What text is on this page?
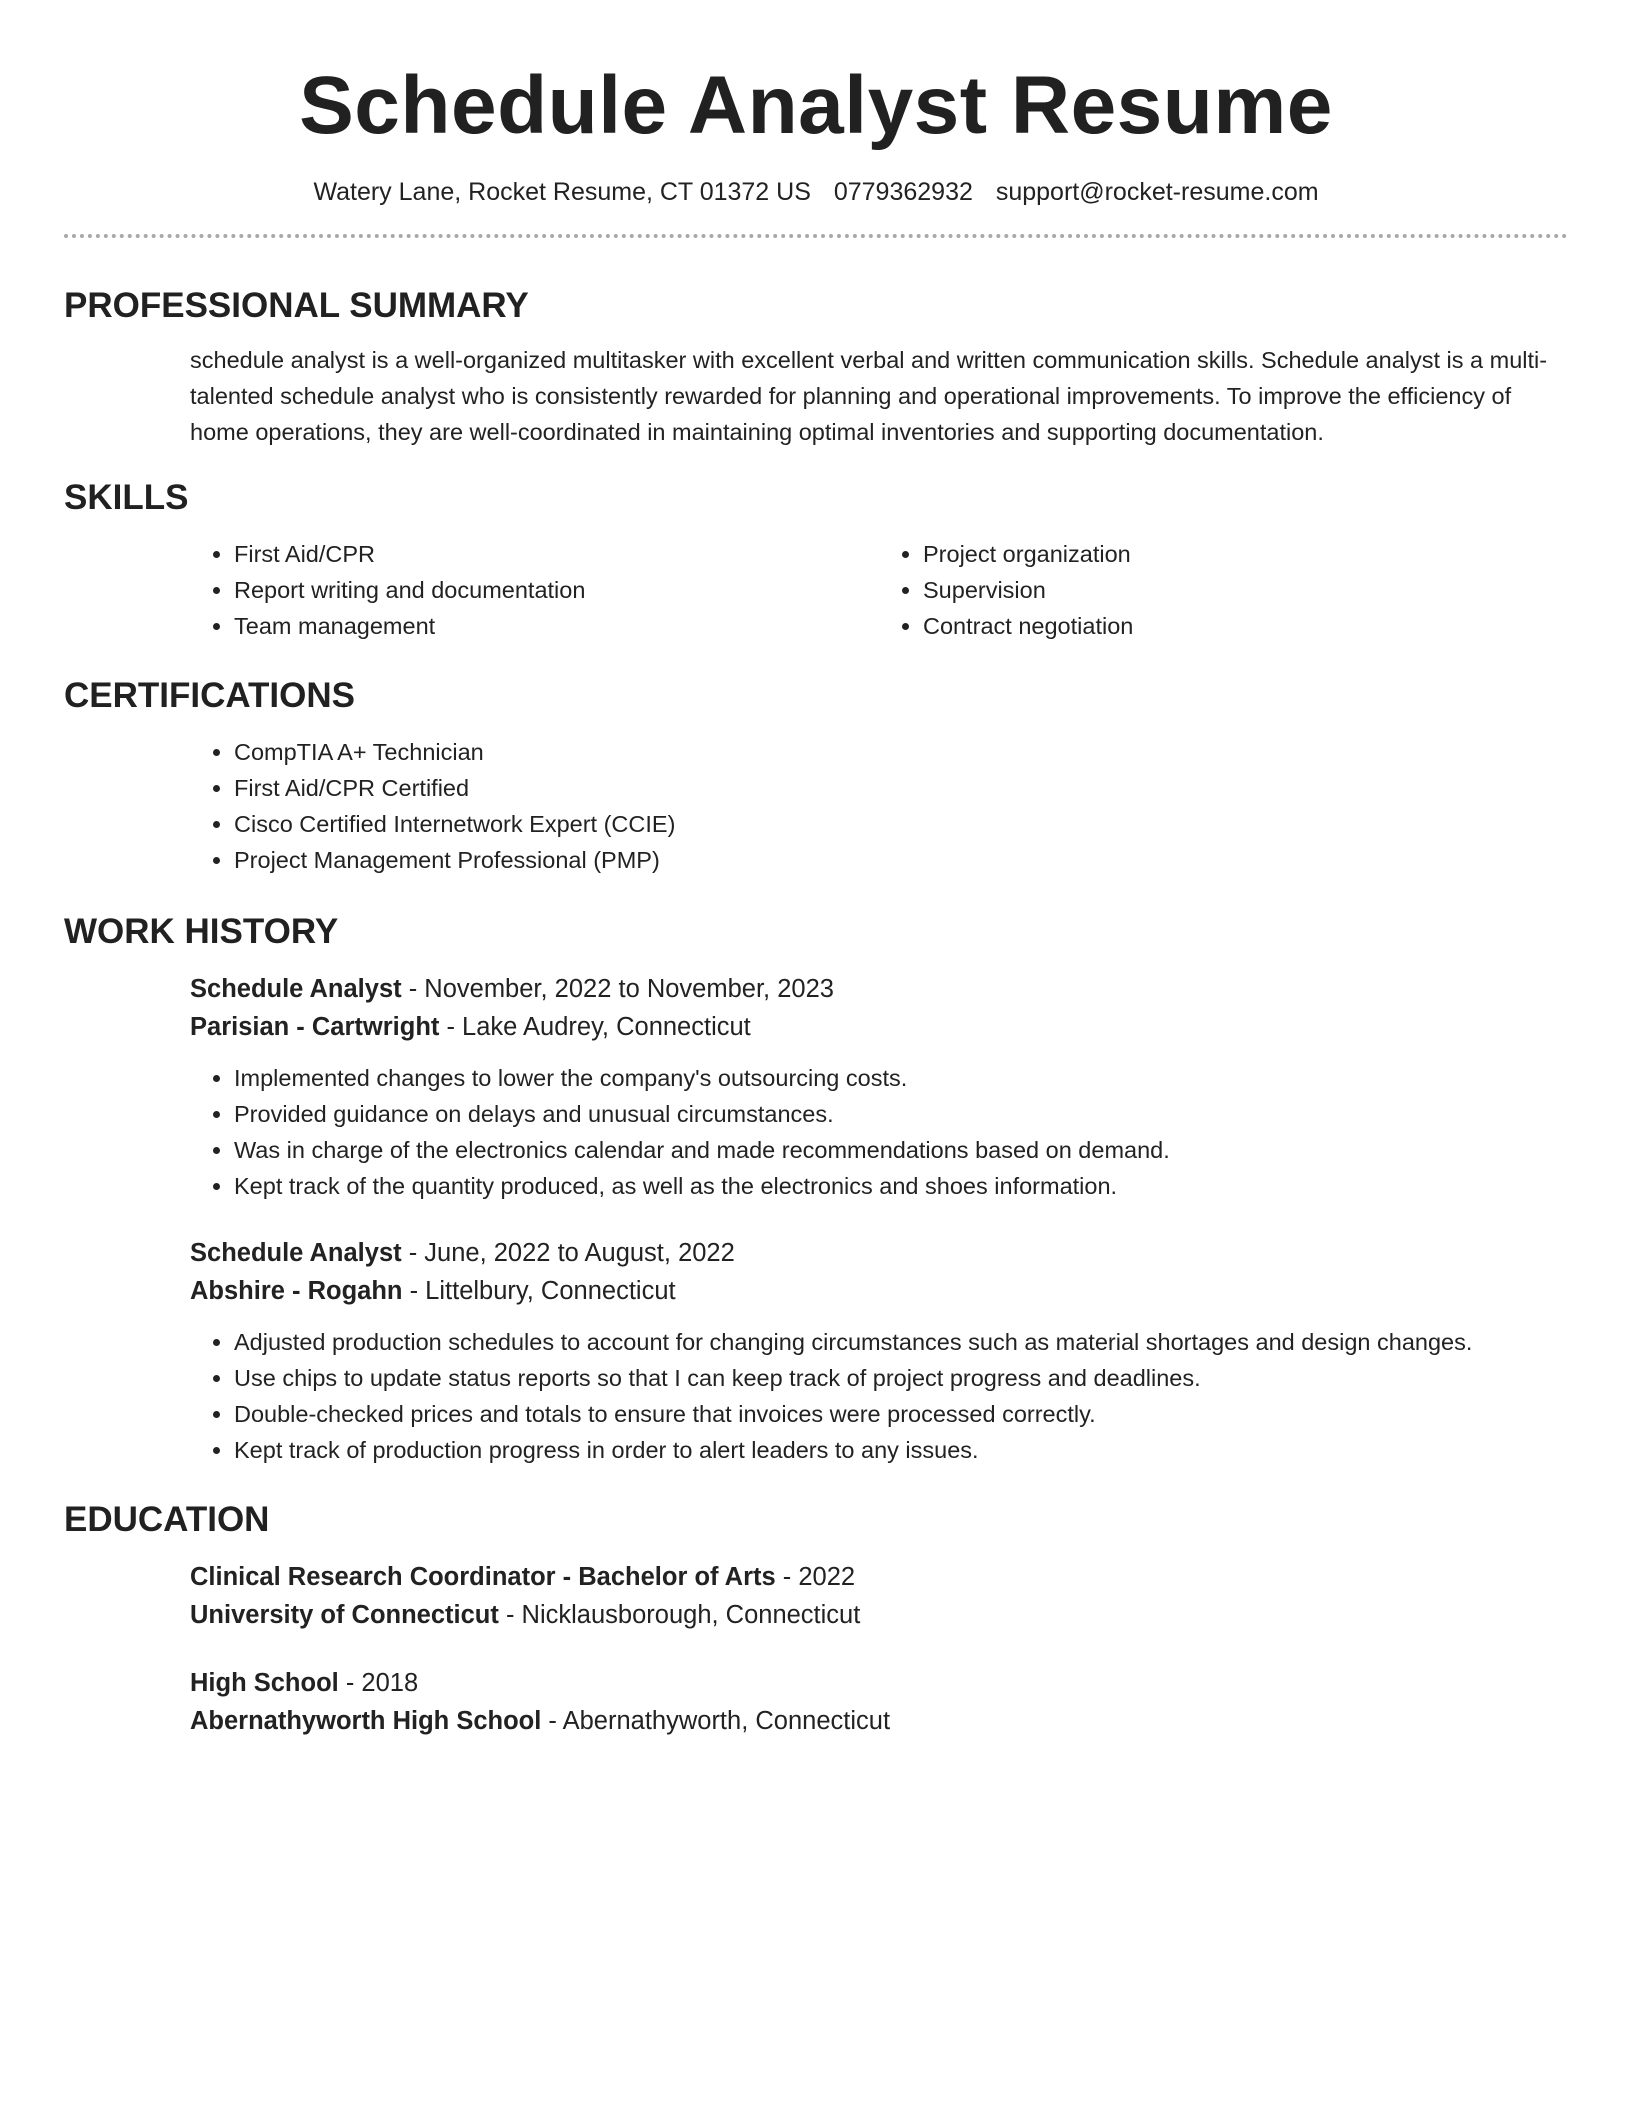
Schedule Analyst Resume
Watery Lane, Rocket Resume, CT 01372 US 0779362932 support@rocket-resume.com
PROFESSIONAL SUMMARY
schedule analyst is a well-organized multitasker with excellent verbal and written communication skills. Schedule analyst is a multi-talented schedule analyst who is consistently rewarded for planning and operational improvements. To improve the efficiency of home operations, they are well-coordinated in maintaining optimal inventories and supporting documentation.
SKILLS
• First Aid/CPR
• Report writing and documentation
• Team management
• Project organization
• Supervision
• Contract negotiation
CERTIFICATIONS
• CompTIA A+ Technician
• First Aid/CPR Certified
• Cisco Certified Internetwork Expert (CCIE)
• Project Management Professional (PMP)
WORK HISTORY
Schedule Analyst - November, 2022 to November, 2023
Parisian - Cartwright - Lake Audrey, Connecticut
• Implemented changes to lower the company's outsourcing costs.
• Provided guidance on delays and unusual circumstances.
• Was in charge of the electronics calendar and made recommendations based on demand.
• Kept track of the quantity produced, as well as the electronics and shoes information.
Schedule Analyst - June, 2022 to August, 2022
Abshire - Rogahn - Littelbury, Connecticut
• Adjusted production schedules to account for changing circumstances such as material shortages and design changes.
• Use chips to update status reports so that I can keep track of project progress and deadlines.
• Double-checked prices and totals to ensure that invoices were processed correctly.
• Kept track of production progress in order to alert leaders to any issues.
EDUCATION
Clinical Research Coordinator - Bachelor of Arts - 2022
University of Connecticut - Nicklausborough, Connecticut
High School - 2018
Abernathyworth High School - Abernathyworth, Connecticut
